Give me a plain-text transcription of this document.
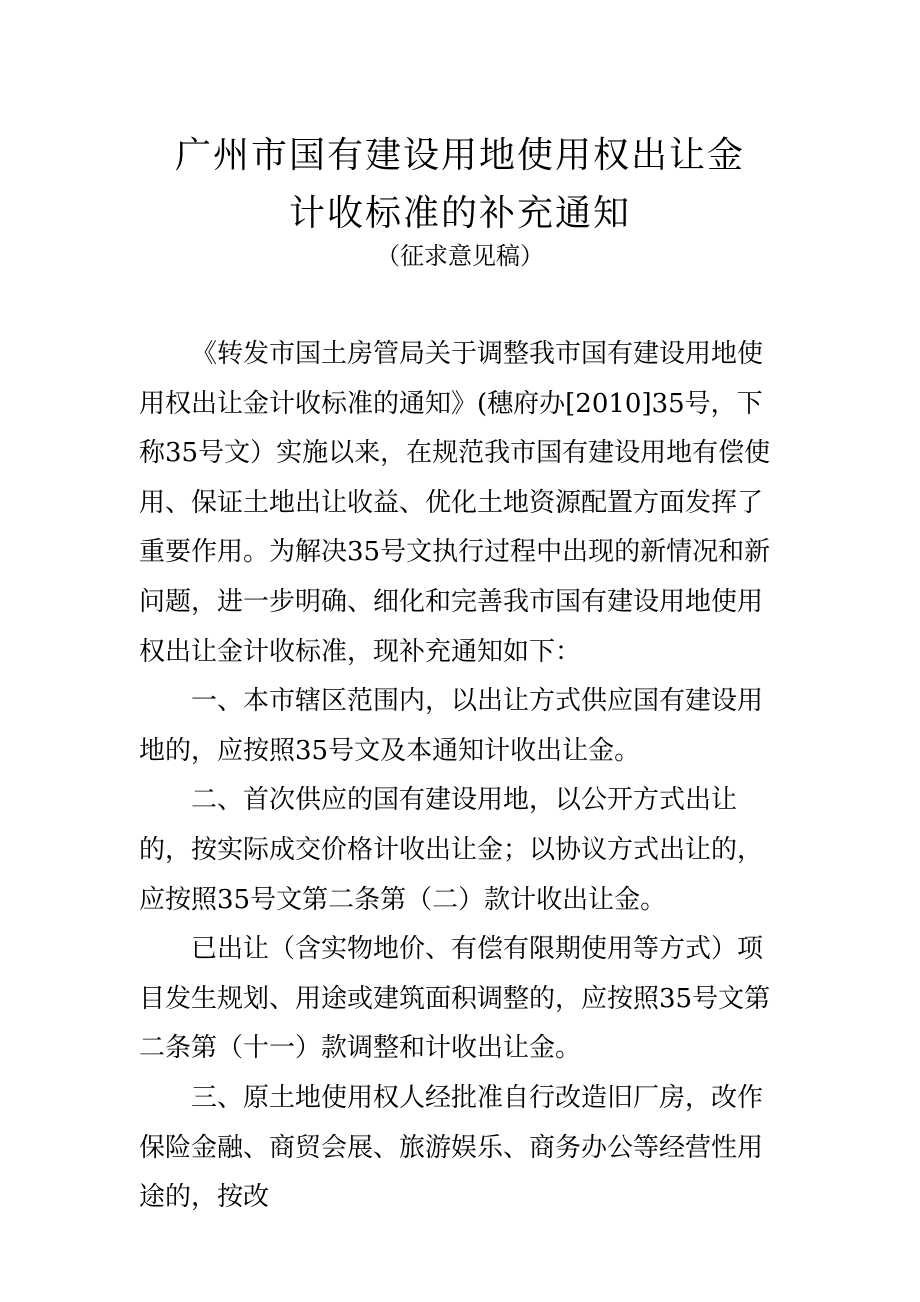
广州市国有建设用地使用权出让金
计收标准的补充通知

（征求意见稿）

《转发市国土房管局关于调整我市国有建设用地使用权出让金计收标准的通知》(穗府办[2010]35号，下称35号文）实施以来，在规范我市国有建设用地有偿使用、保证土地出让收益、优化土地资源配置方面发挥了重要作用。为解决35号文执行过程中出现的新情况和新问题，进一步明确、细化和完善我市国有建设用地使用权出让金计收标准，现补充通知如下：

一、本市辖区范围内，以出让方式供应国有建设用地的，应按照35号文及本通知计收出让金。

二、首次供应的国有建设用地，以公开方式出让的，按实际成交价格计收出让金；以协议方式出让的，应按照35号文第二条第（二）款计收出让金。

已出让（含实物地价、有偿有限期使用等方式）项目发生规划、用途或建筑面积调整的，应按照35号文第二条第（十一）款调整和计收出让金。

三、原土地使用权人经批准自行改造旧厂房，改作保险金融、商贸会展、旅游娱乐、商务办公等经营性用途的，按改
